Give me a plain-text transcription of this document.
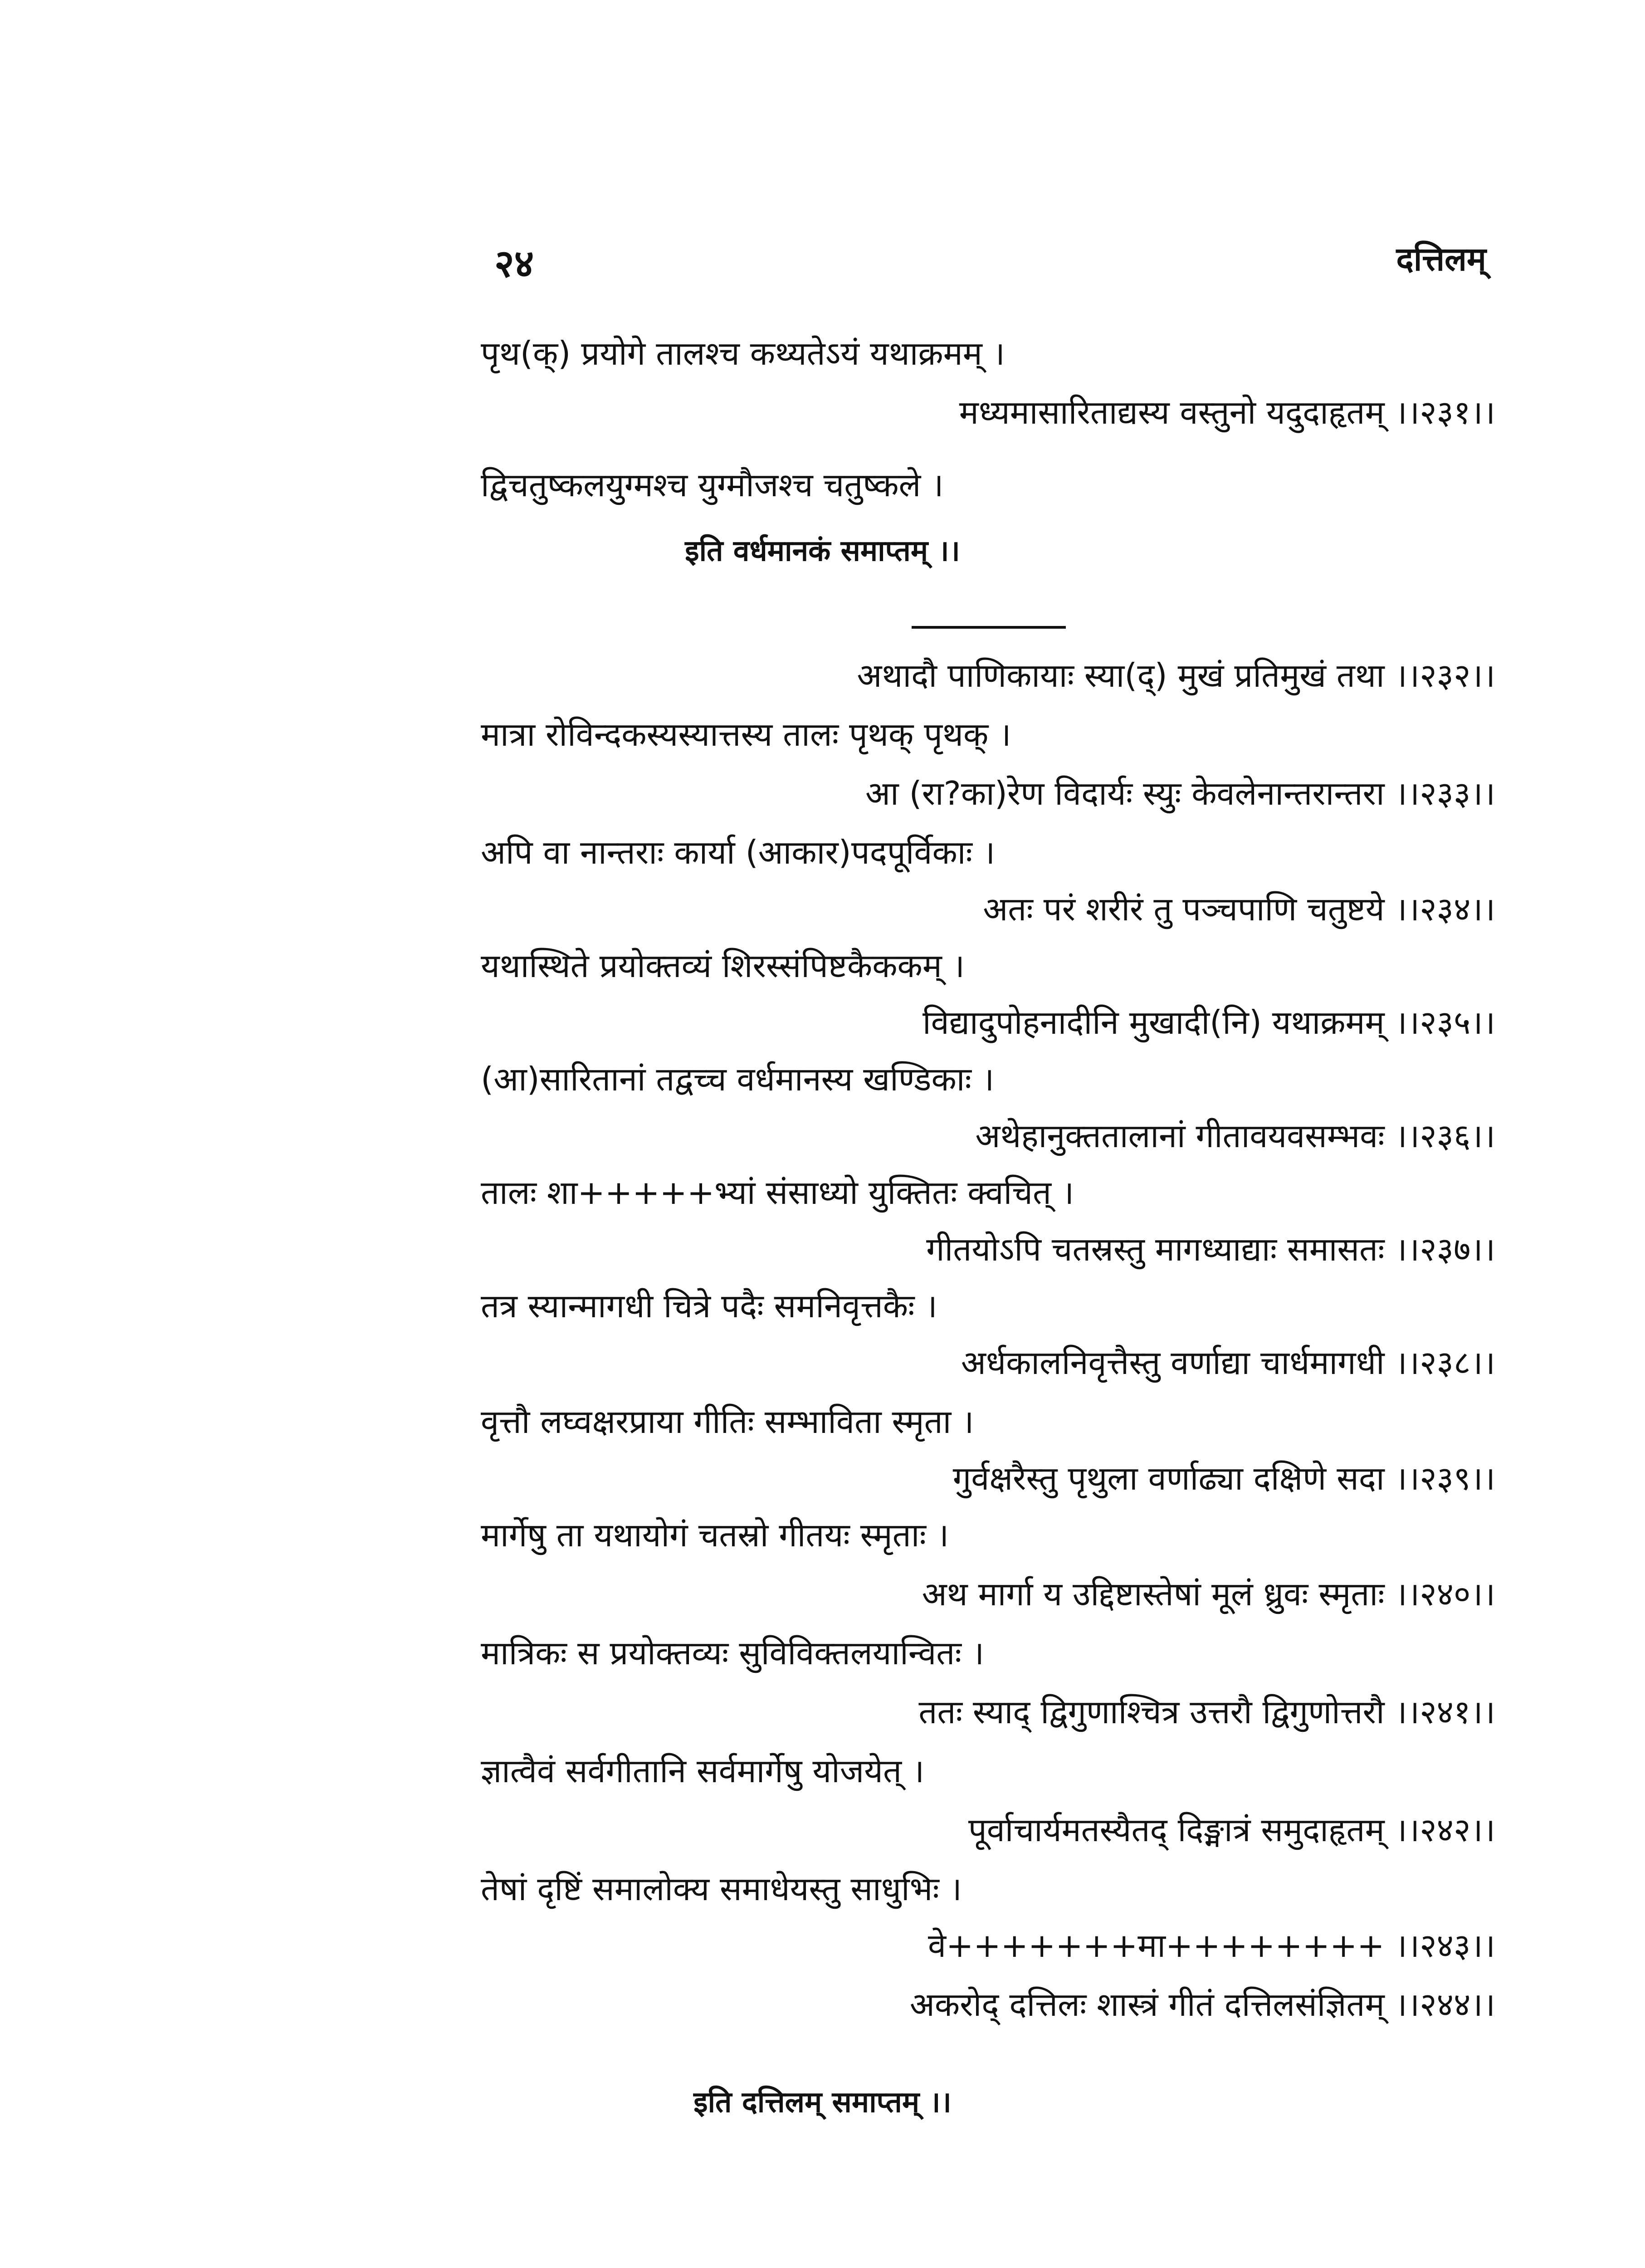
२४	दत्तिलम्
पृथ(क्) प्रयोगे तालश्च कथ्यतेऽयं यथाक्रमम् ।
मध्यमासारिताद्यस्य वस्तुनो यदुदाहृतम् ।।२३१।।
द्विचतुष्कलयुग्मश्च युग्मौजश्च चतुष्कले ।
इति वर्धमानकं समाप्तम् ।।
अथादौ पाणिकायाः स्या(द्) मुखं प्रतिमुखं तथा ।।२३२।।
मात्रा रोविन्दकस्यस्यात्तस्य तालः पृथक् पृथक् ।
आ (रा?का)रेण विदार्यः स्युः केवलेनान्तरान्तरा ।।२३३।।
अपि वा नान्तराः कार्या (आकार)पदपूर्विकाः ।
अतः परं शरीरं तु पञ्चपाणि चतुष्टये ।।२३४।।
यथास्थिते प्रयोक्तव्यं शिरस्संपिष्टकैककम् ।
विद्यादुपोहनादीनि मुखादी(नि) यथाक्रमम् ।।२३५।।
(आ)सारितानां तद्वच्च वर्धमानस्य खण्डिकाः ।
अथेहानुक्ततालानां गीतावयवसम्भवः ।।२३६।।
तालः शा+++++भ्यां संसाध्यो युक्तितः क्वचित् ।
गीतयोऽपि चतस्रस्तु मागध्याद्याः समासतः ।।२३७।।
तत्र स्यान्मागधी चित्रे पदैः समनिवृत्तकैः ।
अर्धकालनिवृत्तैस्तु वर्णाद्या चार्धमागधी ।।२३८।।
वृत्तौ लघ्वक्षरप्राया गीतिः सम्भाविता स्मृता ।
गुर्वक्षरैस्तु पृथुला वर्णाढ्या दक्षिणे सदा ।।२३९।।
मार्गेषु ता यथायोगं चतस्रो गीतयः स्मृताः ।
अथ मार्गा य उद्दिष्टास्तेषां मूलं ध्रुवः स्मृताः ।।२४०।।
मात्रिकः स प्रयोक्तव्यः सुविविक्तलयान्वितः ।
ततः स्याद् द्विगुणाश्चित्र उत्तरौ द्विगुणोत्तरौ ।।२४१।।
ज्ञात्वैवं सर्वगीतानि सर्वमार्गेषु योजयेत् ।
पूर्वाचार्यमतस्यैतद् दिङ्मात्रं समुदाहृतम् ।।२४२।।
तेषां दृष्टिं समालोक्य समाधेयस्तु साधुभिः ।
वे+++++++मा++++++++ ।।२४३।।
अकरोद् दत्तिलः शास्त्रं गीतं दत्तिलसंज्ञितम् ।।२४४।।
इति दत्तिलम् समाप्तम् ।।
